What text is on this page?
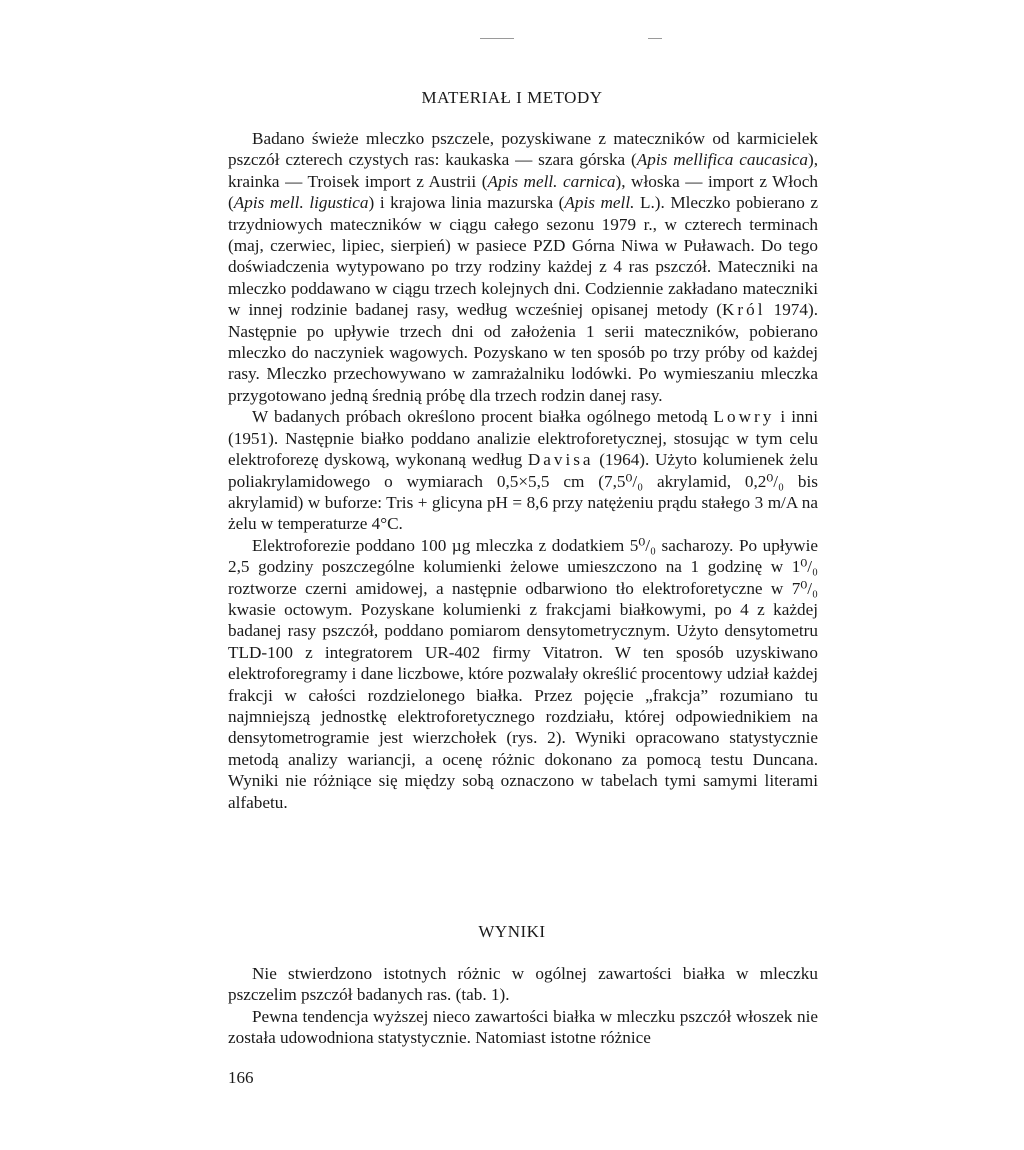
MATERIAŁ I METODY

Badano świeże mleczko pszczele, pozyskiwane z mateczników od karmicielek pszczół czterech czystych ras: kaukaska — szara górska (Apis mellifica caucasica), krainka — Troisek import z Austrii (Apis mell. carnica), włoska — import z Włoch (Apis mell. ligustica) i krajowa linia mazurska (Apis mell. L.). Mleczko pobierano z trzydniowych mateczników w ciągu całego sezonu 1979 r., w czterech terminach (maj, czerwiec, lipiec, sierpień) w pasiece PZD Górna Niwa w Puławach. Do tego doświadczenia wytypowano po trzy rodziny każdej z 4 ras pszczół. Mateczniki na mleczko poddawano w ciągu trzech kolejnych dni. Codziennie zakładano mateczniki w innej rodzinie badanej rasy, według wcześniej opisanej metody (Król 1974). Następnie po upływie trzech dni od założenia 1 serii mateczników, pobierano mleczko do naczyniek wagowych. Pozyskano w ten sposób po trzy próby od każdej rasy. Mleczko przechowywano w zamrażalniku lodówki. Po wymieszaniu mleczka przygotowano jedną średnią próbę dla trzech rodzin danej rasy.

W badanych próbach określono procent białka ogólnego metodą Lowry i inni (1951). Następnie białko poddano analizie elektroforetycznej, stosując w tym celu elektroforezę dyskową, wykonaną według Davisa (1964). Użyto kolumienek żelu poliakrylamidowego o wymiarach 0,5×5,5 cm (7,5⁰/₀ akrylamid, 0,2⁰/₀ bis akrylamid) w buforze: Tris + glicyna pH = 8,6 przy natężeniu prądu stałego 3 m/A na żelu w temperaturze 4°C.

Elektroforezie poddano 100 µg mleczka z dodatkiem 5⁰/₀ sacharozy. Po upływie 2,5 godziny poszczególne kolumienki żelowe umieszczono na 1 godzinę w 1⁰/₀ roztworze czerni amidowej, a następnie odbarwiono tło elektroforetyczne w 7⁰/₀ kwasie octowym. Pozyskane kolumienki z frakcjami białkowymi, po 4 z każdej badanej rasy pszczół, poddano pomiarom densytometrycznym. Użyto densytometru TLD-100 z integratorem UR-402 firmy Vitatron. W ten sposób uzyskiwano elektroforegramy i dane liczbowe, które pozwalały określić procentowy udział każdej frakcji w całości rozdzielonego białka. Przez pojęcie „frakcja” rozumiano tu najmniejszą jednostkę elektroforetycznego rozdziału, której odpowiednikiem na densytometrogramie jest wierzchołek (rys. 2). Wyniki opracowano statystycznie metodą analizy wariancji, a ocenę różnic dokonano za pomocą testu Duncana. Wyniki nie różniące się między sobą oznaczono w tabelach tymi samymi literami alfabetu.

WYNIKI

Nie stwierdzono istotnych różnic w ogólnej zawartości białka w mleczku pszczelim pszczół badanych ras. (tab. 1).

Pewna tendencja wyższej nieco zawartości białka w mleczku pszczół włoszek nie została udowodniona statystycznie. Natomiast istotne różnice

166
